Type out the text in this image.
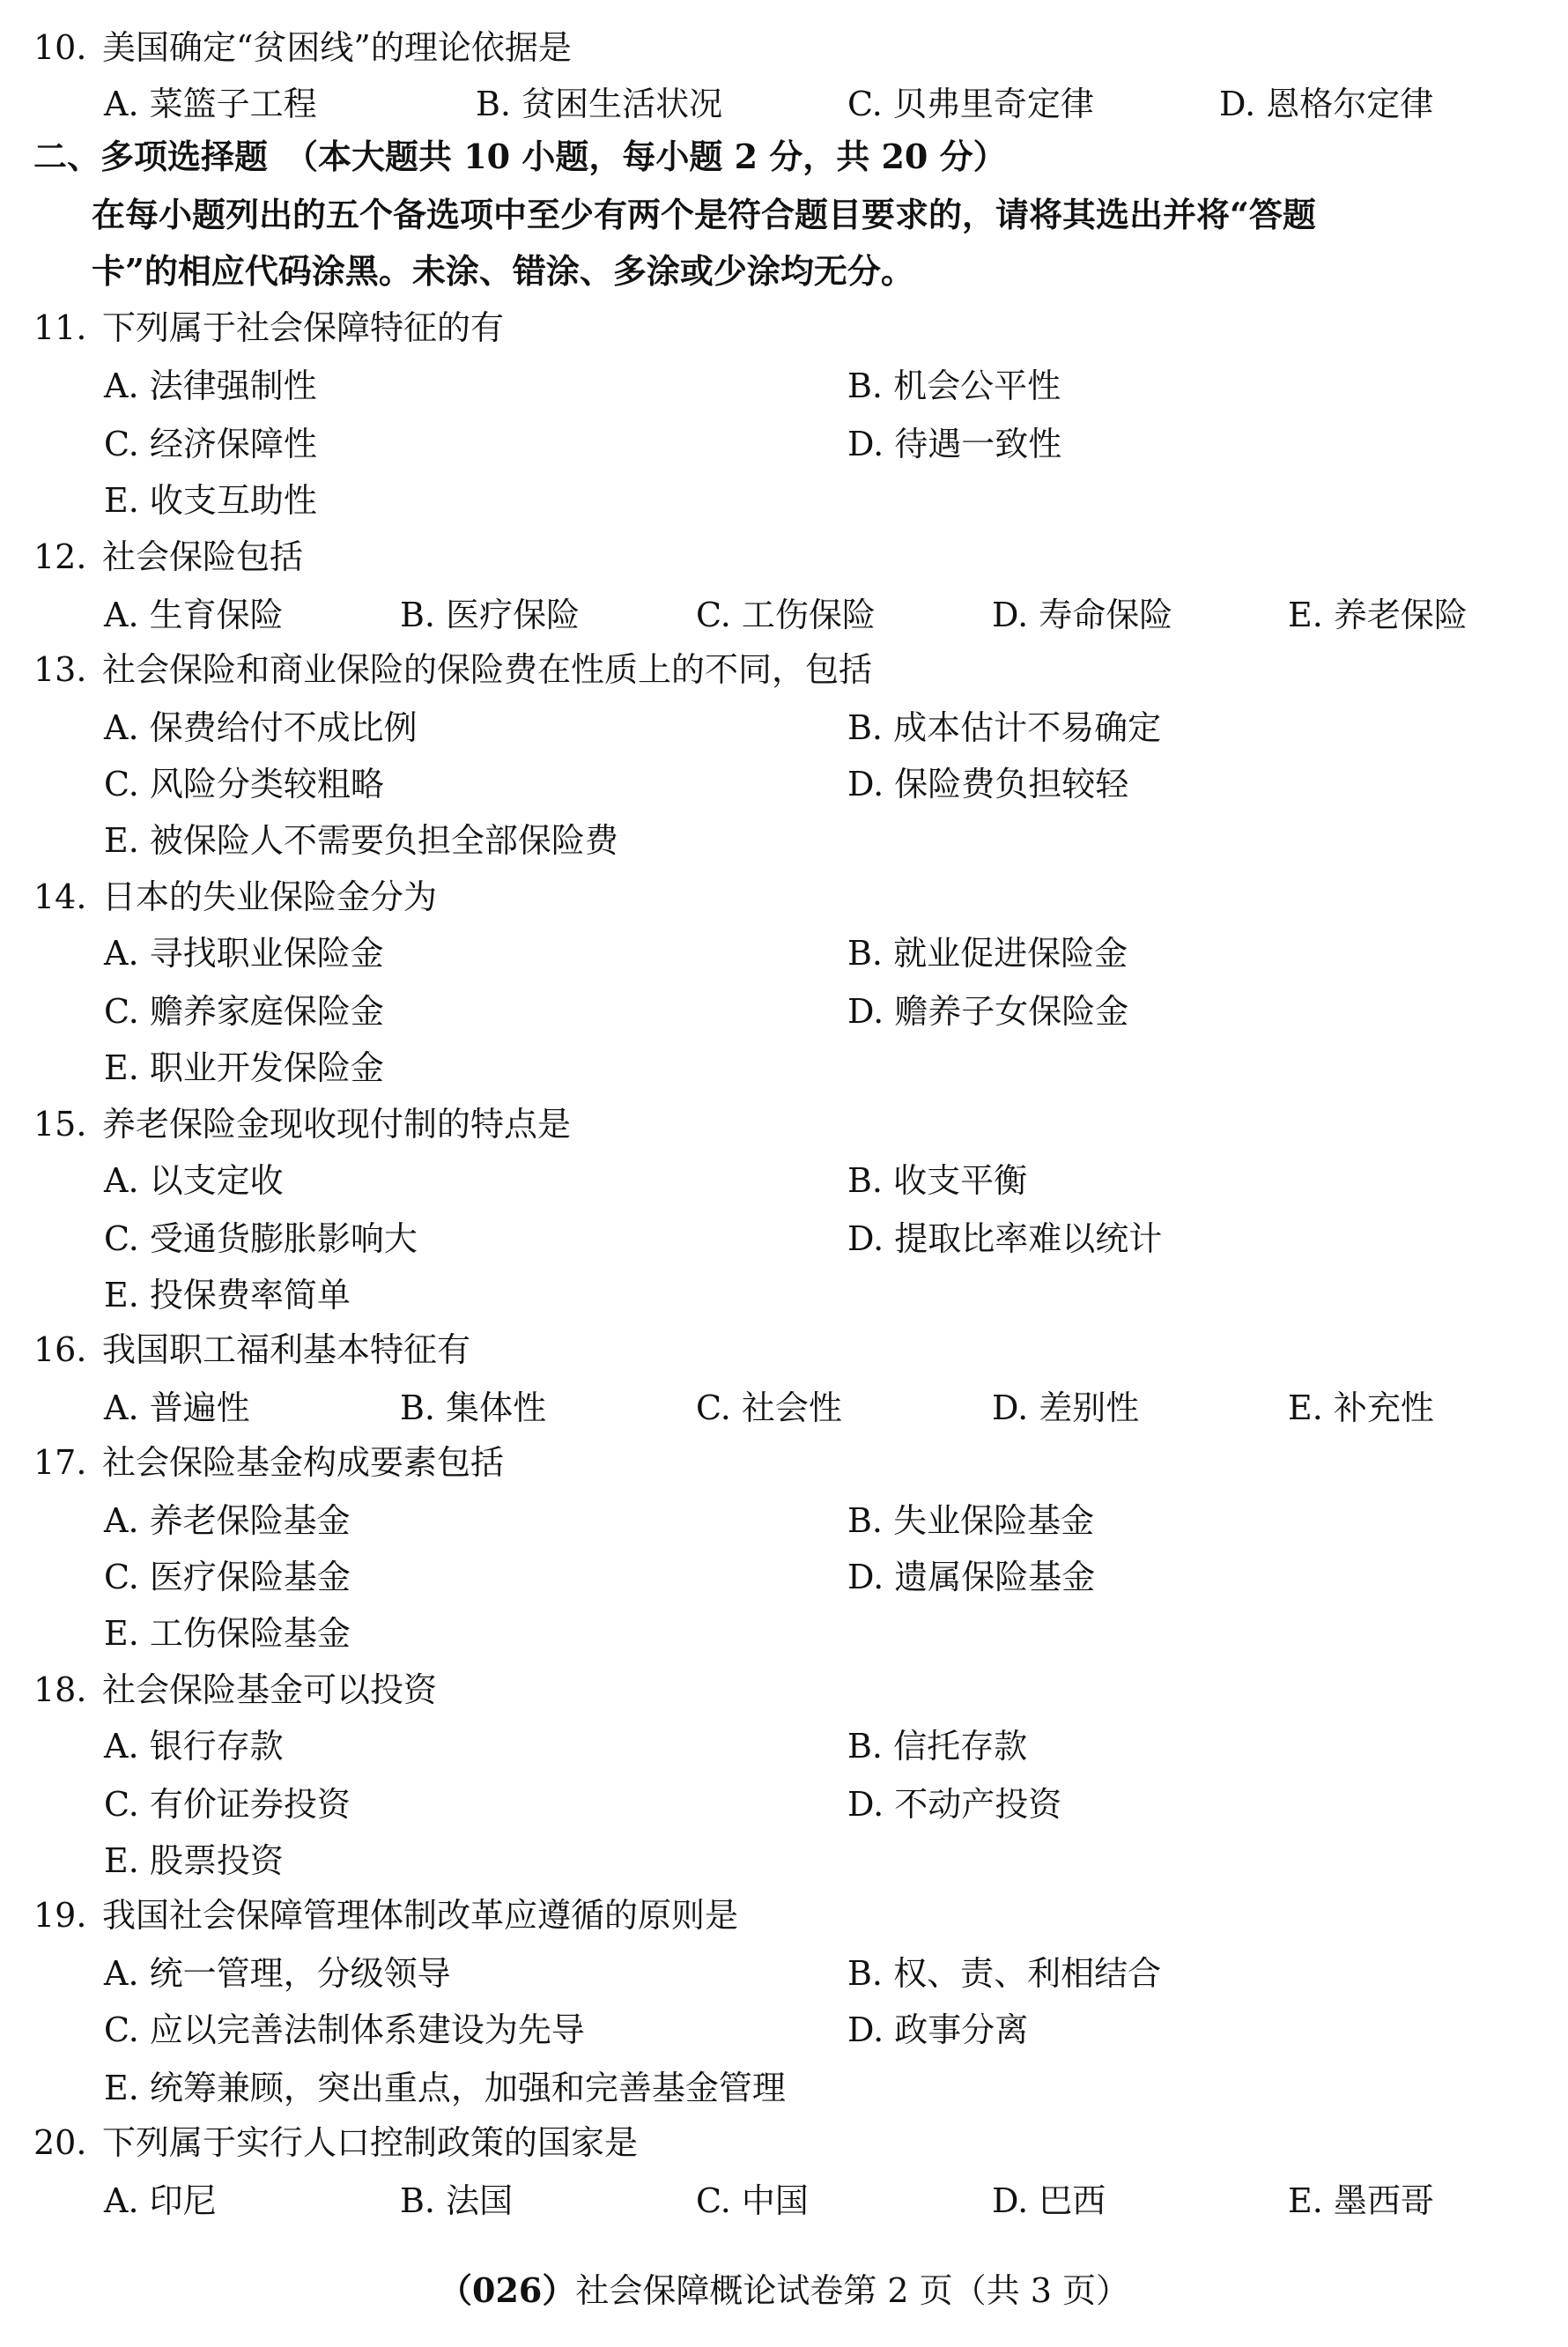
10. 美国确定“贫困线”的理论依据是
A. 菜篮子工程	B. 贫困生活状况	C. 贝弗里奇定律	D. 恩格尔定律
二、多项选择题　（本大题共 10 小题，每小题 2 分，共 20 分）
在每小题列出的五个备选项中至少有两个是符合题目要求的，请将其选出并将“答题
卡”的相应代码涂黑。未涂、错涂、多涂或少涂均无分。
11. 下列属于社会保障特征的有
A. 法律强制性	B. 机会公平性
C. 经济保障性	D. 待遇一致性
E. 收支互助性
12. 社会保险包括
A. 生育保险	B. 医疗保险	C. 工伤保险	D. 寿命保险	E. 养老保险
13. 社会保险和商业保险的保险费在性质上的不同，包括
A. 保费给付不成比例	B. 成本估计不易确定
C. 风险分类较粗略	D. 保险费负担较轻
E. 被保险人不需要负担全部保险费
14. 日本的失业保险金分为
A. 寻找职业保险金	B. 就业促进保险金
C. 赡养家庭保险金	D. 赡养子女保险金
E. 职业开发保险金
15. 养老保险金现收现付制的特点是
A. 以支定收	B. 收支平衡
C. 受通货膨胀影响大	D. 提取比率难以统计
E. 投保费率简单
16. 我国职工福利基本特征有
A. 普遍性	B. 集体性	C. 社会性	D. 差别性	E. 补充性
17. 社会保险基金构成要素包括
A. 养老保险基金	B. 失业保险基金
C. 医疗保险基金	D. 遗属保险基金
E. 工伤保险基金
18. 社会保险基金可以投资
A. 银行存款	B. 信托存款
C. 有价证券投资	D. 不动产投资
E. 股票投资
19. 我国社会保障管理体制改革应遵循的原则是
A. 统一管理，分级领导	B. 权、责、利相结合
C. 应以完善法制体系建设为先导	D. 政事分离
E. 统筹兼顾，突出重点，加强和完善基金管理
20. 下列属于实行人口控制政策的国家是
A. 印尼	B. 法国	C. 中国	D. 巴西	E. 墨西哥
（026）社会保障概论试卷第 2 页（共 3 页）
